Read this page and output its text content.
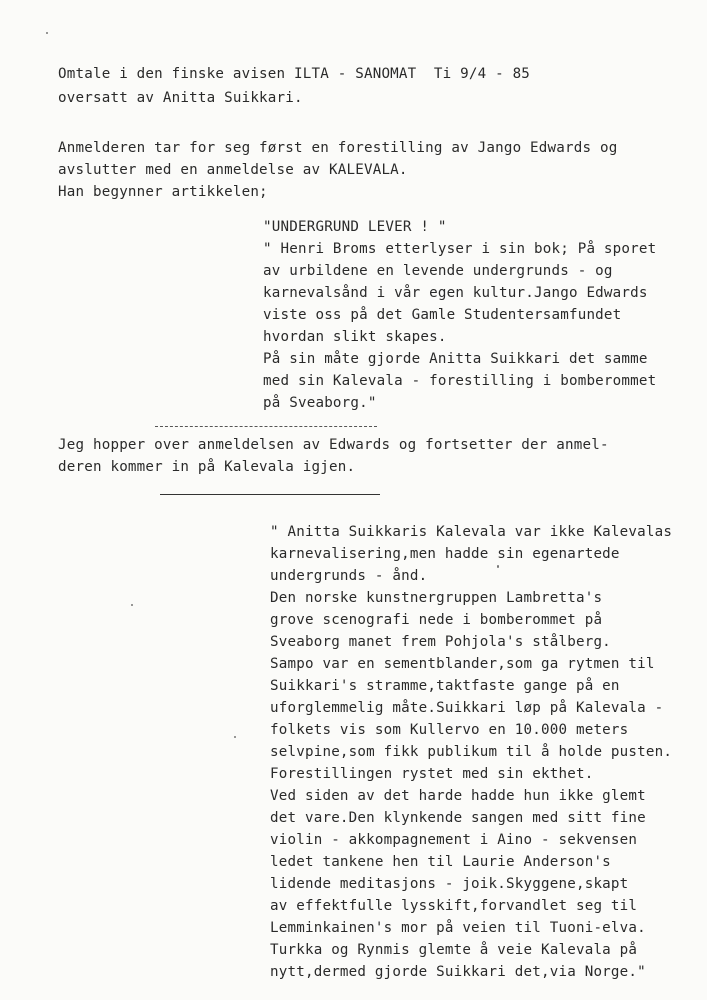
Omtale i den finske avisen ILTA - SANOMAT  Ti 9/4 - 85
oversatt av Anitta Suikkari.
Anmelderen tar for seg først en forestilling av Jango Edwards og
avslutter med en anmeldelse av KALEVALA.
Han begynner artikkelen;
"UNDERGRUND LEVER ! "
" Henri Broms etterlyser i sin bok; På sporet
av urbildene en levende undergrunds - og
karnevalsånd i vår egen kultur.Jango Edwards
viste oss på det Gamle Studentersamfundet
hvordan slikt skapes.
På sin måte gjorde Anitta Suikkari det samme
med sin Kalevala - forestilling i bomberommet
på Sveaborg."
Jeg hopper over anmeldelsen av Edwards og fortsetter der anmel-
deren kommer in på Kalevala igjen.
" Anitta Suikkaris Kalevala var ikke Kalevalas
karnevalisering,men hadde sin egenartede
undergrunds - ånd.
Den norske kunstnergruppen Lambretta's
grove scenografi nede i bomberommet på
Sveaborg manet frem Pohjola's stålberg.
Sampo var en sementblander,som ga rytmen til
Suikkari's stramme,taktfaste gange på en
uforglemmelig måte.Suikkari løp på Kalevala -
folkets vis som Kullervo en 10.000 meters
selvpine,som fikk publikum til å holde pusten.
Forestillingen rystet med sin ekthet.
Ved siden av det harde hadde hun ikke glemt
det vare.Den klynkende sangen med sitt fine
violin - akkompagnement i Aino - sekvensen
ledet tankene hen til Laurie Anderson's
lidende meditasjons - joik.Skyggene,skapt
av effektfulle lysskift,forvandlet seg til
Lemminkainen's mor på veien til Tuoni-elva.
Turkka og Rynmis glemte å veie Kalevala på
nytt,dermed gjorde Suikkari det,via Norge."
